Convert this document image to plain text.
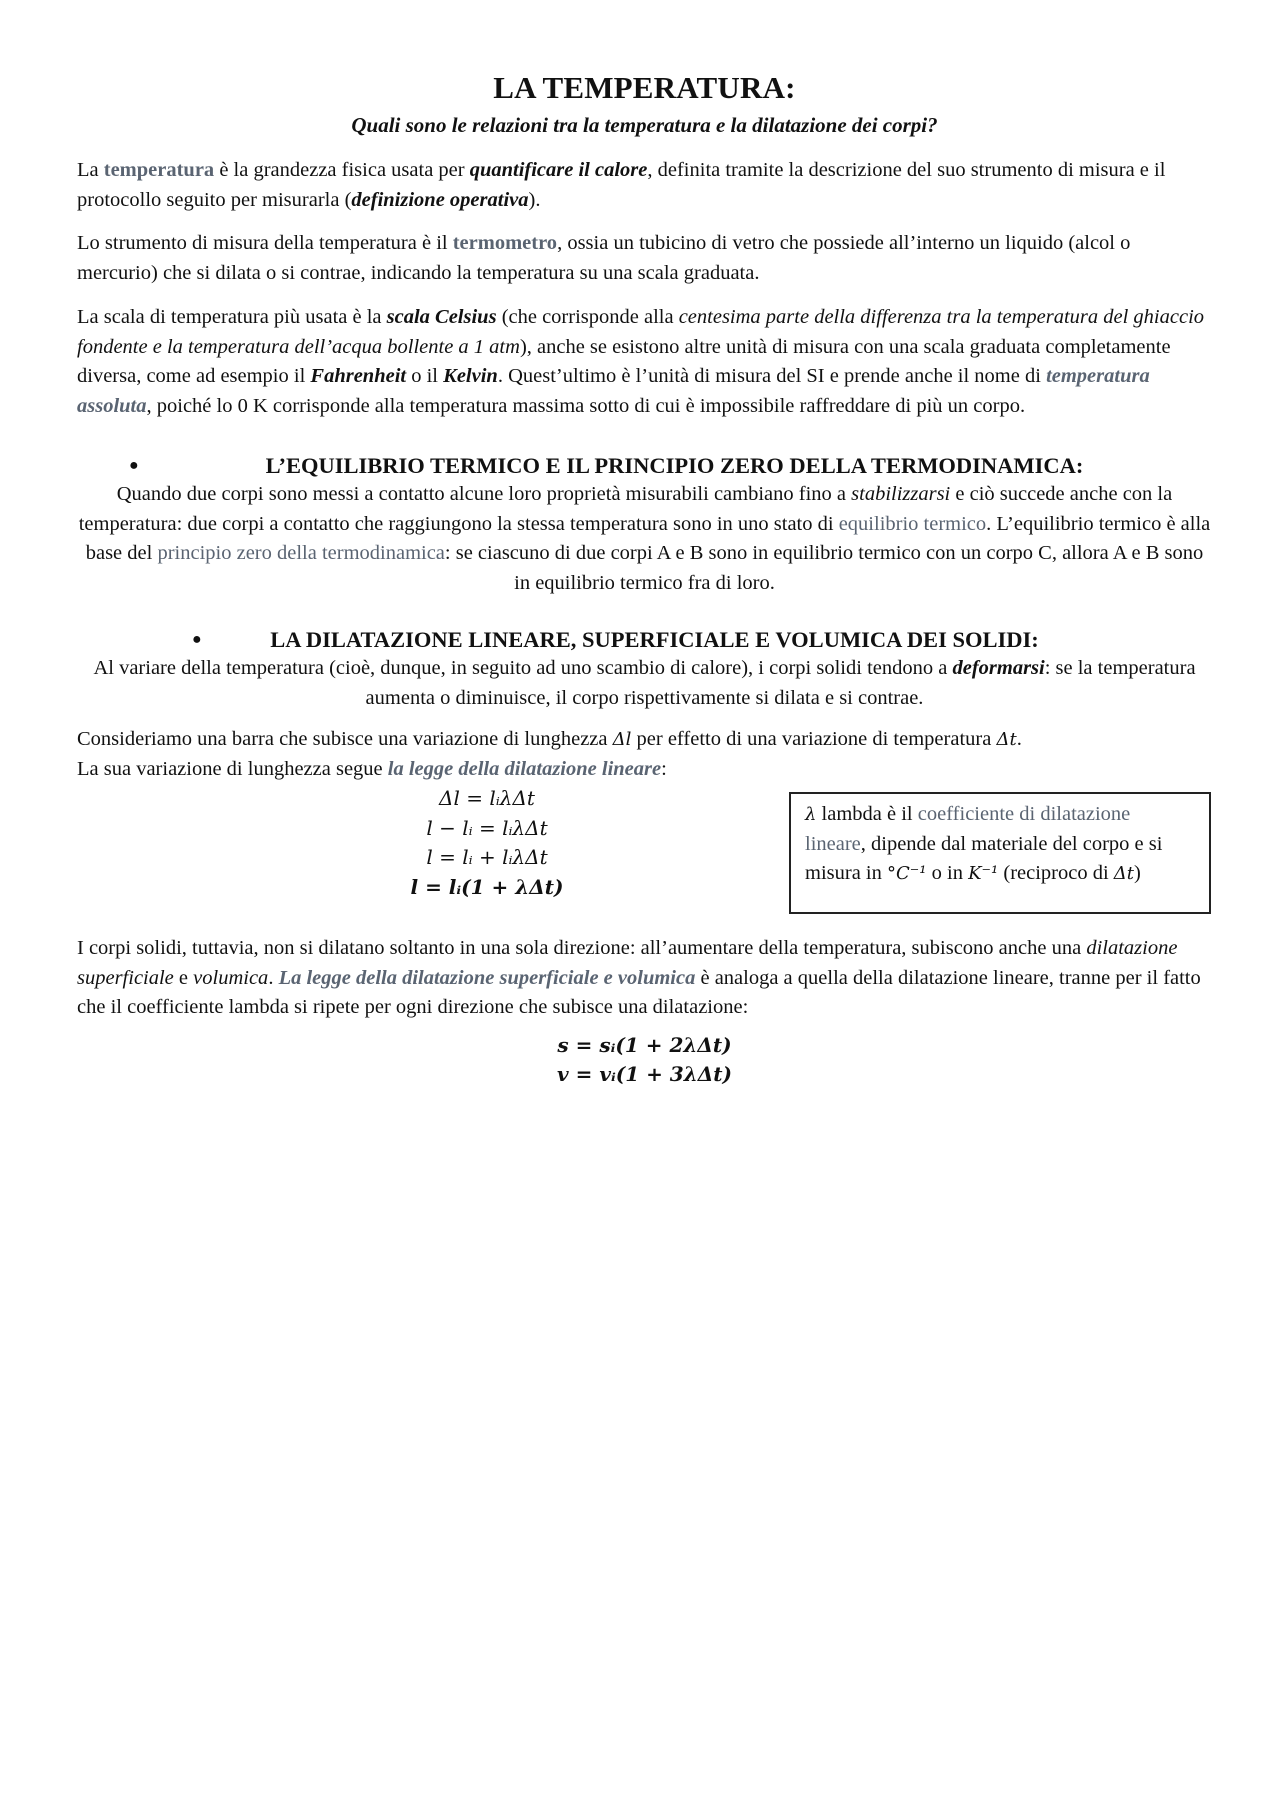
LA TEMPERATURA:
Quali sono le relazioni tra la temperatura e la dilatazione dei corpi?

La temperatura è la grandezza fisica usata per quantificare il calore, definita tramite la descrizione del suo strumento di misura e il protocollo seguito per misurarla (definizione operativa).

Lo strumento di misura della temperatura è il termometro, ossia un tubicino di vetro che possiede all’interno un liquido (alcol o mercurio) che si dilata o si contrae, indicando la temperatura su una scala graduata.

La scala di temperatura più usata è la scala Celsius (che corrisponde alla centesima parte della differenza tra la temperatura del ghiaccio fondente e la temperatura dell’acqua bollente a 1 atm), anche se esistono altre unità di misura con una scala graduata completamente diversa, come ad esempio il Fahrenheit o il Kelvin. Quest’ultimo è l’unità di misura del SI e prende anche il nome di temperatura assoluta, poiché lo 0 K corrisponde alla temperatura massima sotto di cui è impossibile raffreddare di più un corpo.

●	L’EQUILIBRIO TERMICO E IL PRINCIPIO ZERO DELLA TERMODINAMICA:
Quando due corpi sono messi a contatto alcune loro proprietà misurabili cambiano fino a stabilizzarsi e ciò succede anche con la temperatura: due corpi a contatto che raggiungono la stessa temperatura sono in uno stato di equilibrio termico. L’equilibrio termico è alla base del principio zero della termodinamica: se ciascuno di due corpi A e B sono in equilibrio termico con un corpo C, allora A e B sono in equilibrio termico fra di loro.
●	LA DILATAZIONE LINEARE, SUPERFICIALE E VOLUMICA DEI SOLIDI:
Al variare della temperatura (cioè, dunque, in seguito ad uno scambio di calore), i corpi solidi tendono a deformarsi: se la temperatura aumenta o diminuisce, il corpo rispettivamente si dilata e si contrae.

Consideriamo una barra che subisce una variazione di lunghezza Δl per effetto di una variazione di temperatura Δt.
La sua variazione di lunghezza segue la legge della dilatazione lineare:

Δl = lᵢλΔt
l − lᵢ = lᵢλΔt
l = lᵢ + lᵢλΔt
l = lᵢ(1 + λΔt)
λ lambda è il coefficiente di dilatazione lineare, dipende dal materiale del corpo e si misura in °C⁻¹ o in K⁻¹ (reciproco di Δt)

I corpi solidi, tuttavia, non si dilatano soltanto in una sola direzione: all’aumentare della temperatura, subiscono anche una dilatazione superficiale e volumica. La legge della dilatazione superficiale e volumica è analoga a quella della dilatazione lineare, tranne per il fatto che il coefficiente lambda si ripete per ogni direzione che subisce una dilatazione:

s = sᵢ(1 + 2λΔt)
v = vᵢ(1 + 3λΔt)
